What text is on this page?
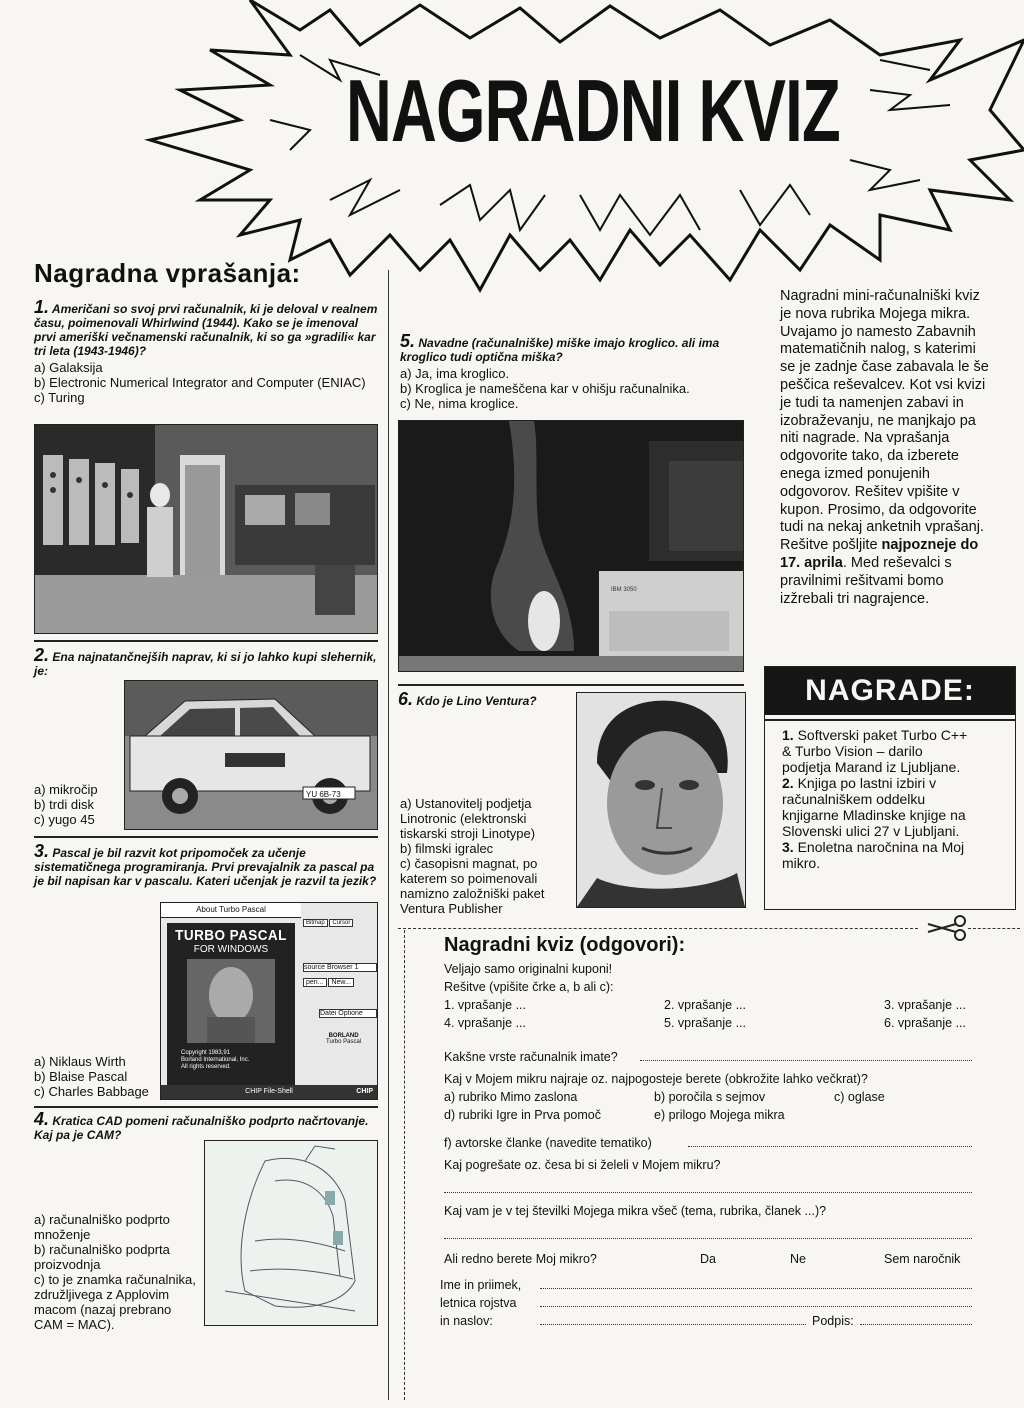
NAGRADNI KVIZ
Nagradna vprašanja:
1. Američani so svoj prvi računalnik, ki je deloval v realnem času, poimenovali Whirlwind (1944). Kako se je imenoval prvi ameriški večnamenski računalnik, ki so ga »gradili« kar tri leta (1943-1946)?
a) Galaksija
b) Electronic Numerical Integrator and Computer (ENIAC)
c) Turing
2. Ena najnatančnejših naprav, ki si jo lahko kupi slehernik, je:
YU 6B-73
a) mikročip
b) trdi disk
c) yugo 45
3. Pascal je bil razvit kot pripomoček za učenje sistematičnega programiranja. Prvi prevajalnik za pascal pa je bil napisan kar v pascalu. Kateri učenjak je razvil ta jezik?
About Turbo Pascal
TURBO PASCAL
FOR WINDOWS
Copyright 1983,91
Borland International, Inc.
All rights reserved.
Bitmap Cursor
source Browser 1
pen... New...
Datei Optione
BORLAND
Turbo Pascal
CHIP File-Shell	CHIP
a) Niklaus Wirth
b) Blaise Pascal
c) Charles Babbage
4. Kratica CAD pomeni računalniško podprto načrtovanje. Kaj pa je CAM?
a) računalniško podprto množenje
b) računalniško podprta proizvodnja
c) to je znamka računalnika, združljivega z Applovim macom (nazaj prebrano CAM = MAC).
5. Navadne (računalniške) miške imajo kroglico. ali ima kroglico tudi optična miška?
a) Ja, ima kroglico.
b) Kroglica je nameščena kar v ohišju računalnika.
c) Ne, nima kroglice.
IBM 3050
6. Kdo je Lino Ventura?
a) Ustanovitelj podjetja Linotronic (elektronski tiskarski stroji Linotype)
b) filmski igralec
c) časopisni magnat, po katerem so poimenovali namizno založniški paket Ventura Publisher
Nagradni mini-računalniški kviz je nova rubrika Mojega mikra. Uvajamo jo namesto Zabavnih matematičnih nalog, s katerimi se je zadnje čase zabavala le še peščica reševalcev. Kot vsi kvizi je tudi ta namenjen zabavi in izobraževanju, ne manjkajo pa niti nagrade. Na vprašanja odgovorite tako, da izberete enega izmed ponujenih odgovorov. Rešitev vpišite v kupon. Prosimo, da odgovorite tudi na nekaj anketnih vprašanj. Rešitve pošljite najpozneje do 17. aprila. Med reševalci s pravilnimi rešitvami bomo izžrebali tri nagrajence.
NAGRADE:
1. Softverski paket Turbo C++ & Turbo Vision – darilo podjetja Marand iz Ljubljane.
2. Knjiga po lastni izbiri v računalniškem oddelku knjigarne Mladinske knjige na Slovenski ulici 27 v Ljubljani.
3. Enoletna naročnina na Moj mikro.
Nagradni kviz (odgovori):
Veljajo samo originalni kuponi!
Rešitve (vpišite črke a, b ali c):
1. vprašanje ...	2. vprašanje ...	3. vprašanje ...
4. vprašanje ...	5. vprašanje ...	6. vprašanje ...
Kakšne vrste računalnik imate?
Kaj v Mojem mikru najraje oz. najpogosteje berete (obkrožite lahko večkrat)?
a) rubriko Mimo zaslona	b) poročila s sejmov	c) oglase
d) rubriki Igre in Prva pomoč	e) prilogo Mojega mikra
f) avtorske članke (navedite tematiko)
Kaj pogrešate oz. česa bi si želeli v Mojem mikru?
Kaj vam je v tej številki Mojega mikra všeč (tema, rubrika, članek ...)?
Ali redno berete Moj mikro?	Da	Ne	Sem naročnik
Ime in priimek,
letnica rojstva
in naslov:	Podpis:
